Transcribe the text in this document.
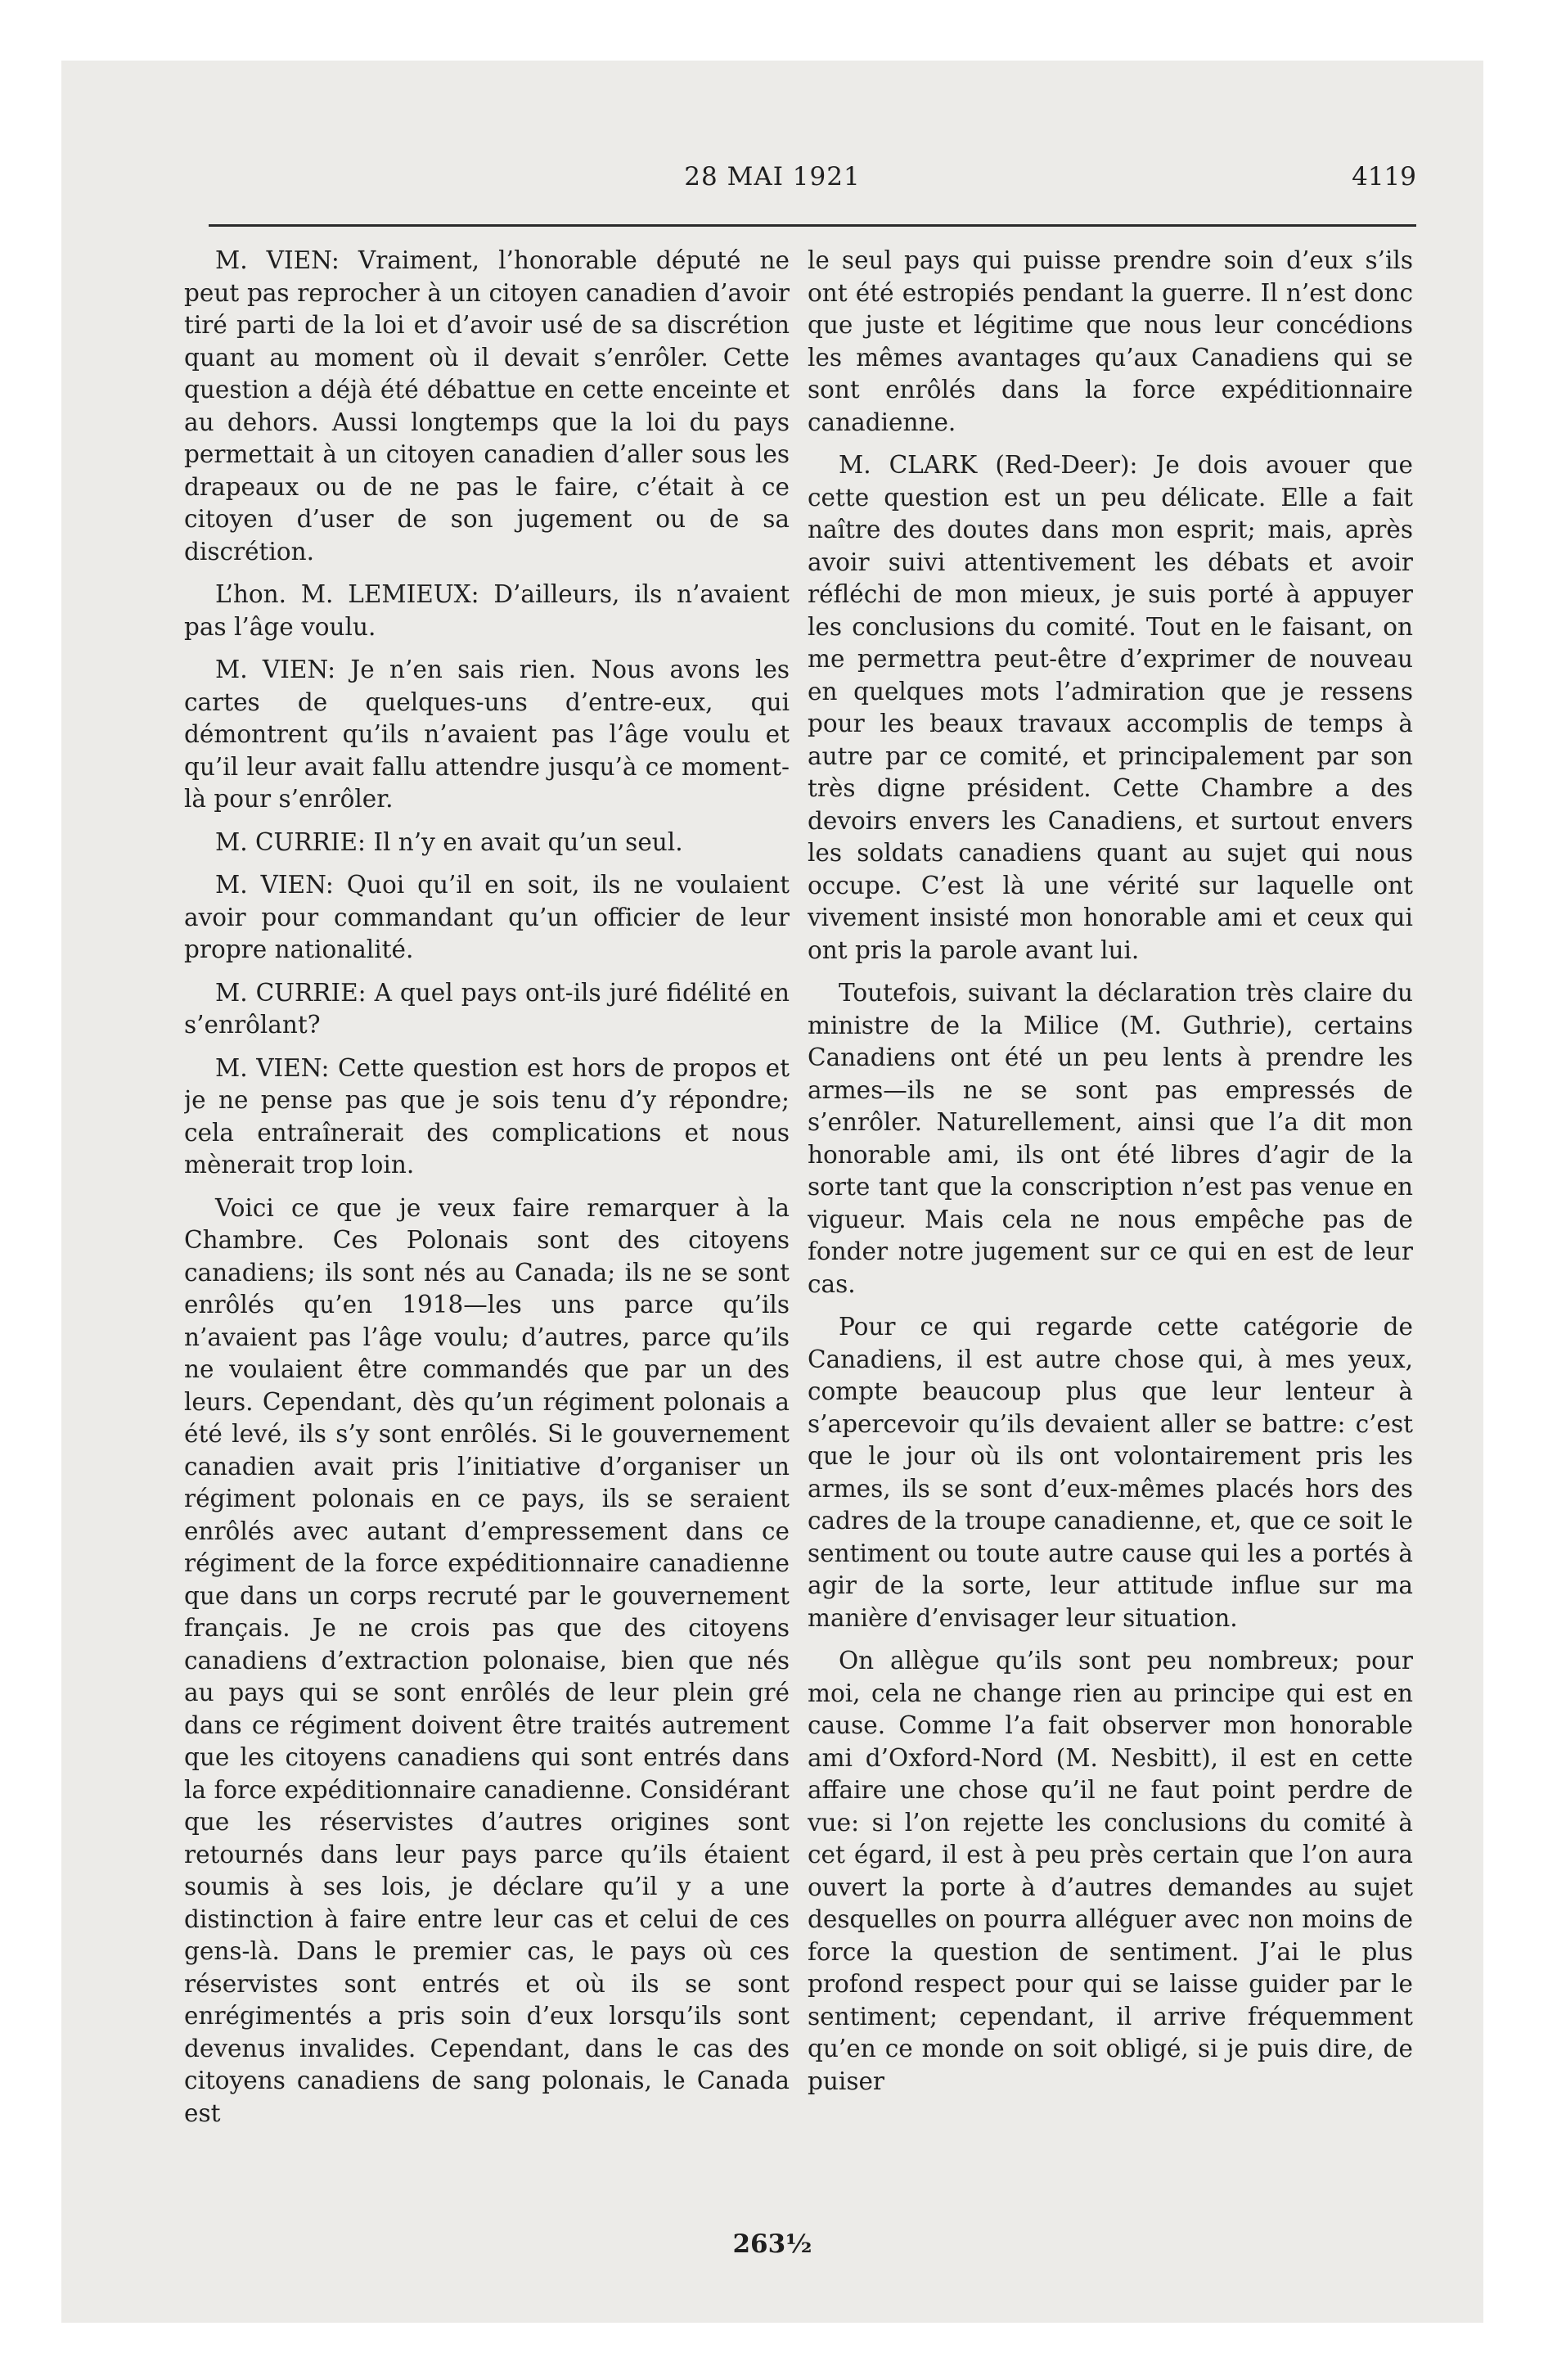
28 MAI 1921	4119

M. VIEN: Vraiment, l’honorable député ne peut pas reprocher à un citoyen canadien d’avoir tiré parti de la loi et d’avoir usé de sa discrétion quant au moment où il devait s’enrôler. Cette question a déjà été débattue en cette enceinte et au dehors. Aussi longtemps que la loi du pays permettait à un citoyen canadien d’aller sous les drapeaux ou de ne pas le faire, c’était à ce citoyen d’user de son jugement ou de sa discrétion.

L’hon. M. LEMIEUX: D’ailleurs, ils n’avaient pas l’âge voulu.

M. VIEN: Je n’en sais rien. Nous avons les cartes de quelques-uns d’entre-eux, qui démontrent qu’ils n’avaient pas l’âge voulu et qu’il leur avait fallu attendre jusqu’à ce moment-là pour s’enrôler.

M. CURRIE: Il n’y en avait qu’un seul.

M. VIEN: Quoi qu’il en soit, ils ne voulaient avoir pour commandant qu’un officier de leur propre nationalité.

M. CURRIE: A quel pays ont-ils juré fidélité en s’enrôlant?

M. VIEN: Cette question est hors de propos et je ne pense pas que je sois tenu d’y répondre; cela entraînerait des complications et nous mènerait trop loin.

Voici ce que je veux faire remarquer à la Chambre. Ces Polonais sont des citoyens canadiens; ils sont nés au Canada; ils ne se sont enrôlés qu’en 1918—les uns parce qu’ils n’avaient pas l’âge voulu; d’autres, parce qu’ils ne voulaient être commandés que par un des leurs. Cependant, dès qu’un régiment polonais a été levé, ils s’y sont enrôlés. Si le gouvernement canadien avait pris l’initiative d’organiser un régiment polonais en ce pays, ils se seraient enrôlés avec autant d’empressement dans ce régiment de la force expéditionnaire canadienne que dans un corps recruté par le gouvernement français. Je ne crois pas que des citoyens canadiens d’extraction polonaise, bien que nés au pays qui se sont enrôlés de leur plein gré dans ce régiment doivent être traités autrement que les citoyens canadiens qui sont entrés dans la force expéditionnaire canadienne. Considérant que les réservistes d’autres origines sont retournés dans leur pays parce qu’ils étaient soumis à ses lois, je déclare qu’il y a une distinction à faire entre leur cas et celui de ces gens-là. Dans le premier cas, le pays où ces réservistes sont entrés et où ils se sont enrégimentés a pris soin d’eux lorsqu’ils sont devenus invalides. Cependant, dans le cas des citoyens canadiens de sang polonais, le Canada est

le seul pays qui puisse prendre soin d’eux s’ils ont été estropiés pendant la guerre. Il n’est donc que juste et légitime que nous leur concédions les mêmes avantages qu’aux Canadiens qui se sont enrôlés dans la force expéditionnaire canadienne.

M. CLARK (Red-Deer): Je dois avouer que cette question est un peu délicate. Elle a fait naître des doutes dans mon esprit; mais, après avoir suivi attentivement les débats et avoir réfléchi de mon mieux, je suis porté à appuyer les conclusions du comité. Tout en le faisant, on me permettra peut-être d’exprimer de nouveau en quelques mots l’admiration que je ressens pour les beaux travaux accomplis de temps à autre par ce comité, et principalement par son très digne président. Cette Chambre a des devoirs envers les Canadiens, et surtout envers les soldats canadiens quant au sujet qui nous occupe. C’est là une vérité sur laquelle ont vivement insisté mon honorable ami et ceux qui ont pris la parole avant lui.

Toutefois, suivant la déclaration très claire du ministre de la Milice (M. Guthrie), certains Canadiens ont été un peu lents à prendre les armes—ils ne se sont pas empressés de s’enrôler. Naturellement, ainsi que l’a dit mon honorable ami, ils ont été libres d’agir de la sorte tant que la conscription n’est pas venue en vigueur. Mais cela ne nous empêche pas de fonder notre jugement sur ce qui en est de leur cas.

Pour ce qui regarde cette catégorie de Canadiens, il est autre chose qui, à mes yeux, compte beaucoup plus que leur lenteur à s’apercevoir qu’ils devaient aller se battre: c’est que le jour où ils ont volontairement pris les armes, ils se sont d’eux-mêmes placés hors des cadres de la troupe canadienne, et, que ce soit le sentiment ou toute autre cause qui les a portés à agir de la sorte, leur attitude influe sur ma manière d’envisager leur situation.

On allègue qu’ils sont peu nombreux; pour moi, cela ne change rien au principe qui est en cause. Comme l’a fait observer mon honorable ami d’Oxford-Nord (M. Nesbitt), il est en cette affaire une chose qu’il ne faut point perdre de vue: si l’on rejette les conclusions du comité à cet égard, il est à peu près certain que l’on aura ouvert la porte à d’autres demandes au sujet desquelles on pourra alléguer avec non moins de force la question de sentiment. J’ai le plus profond respect pour qui se laisse guider par le sentiment; cependant, il arrive fréquemment qu’en ce monde on soit obligé, si je puis dire, de puiser

263½
